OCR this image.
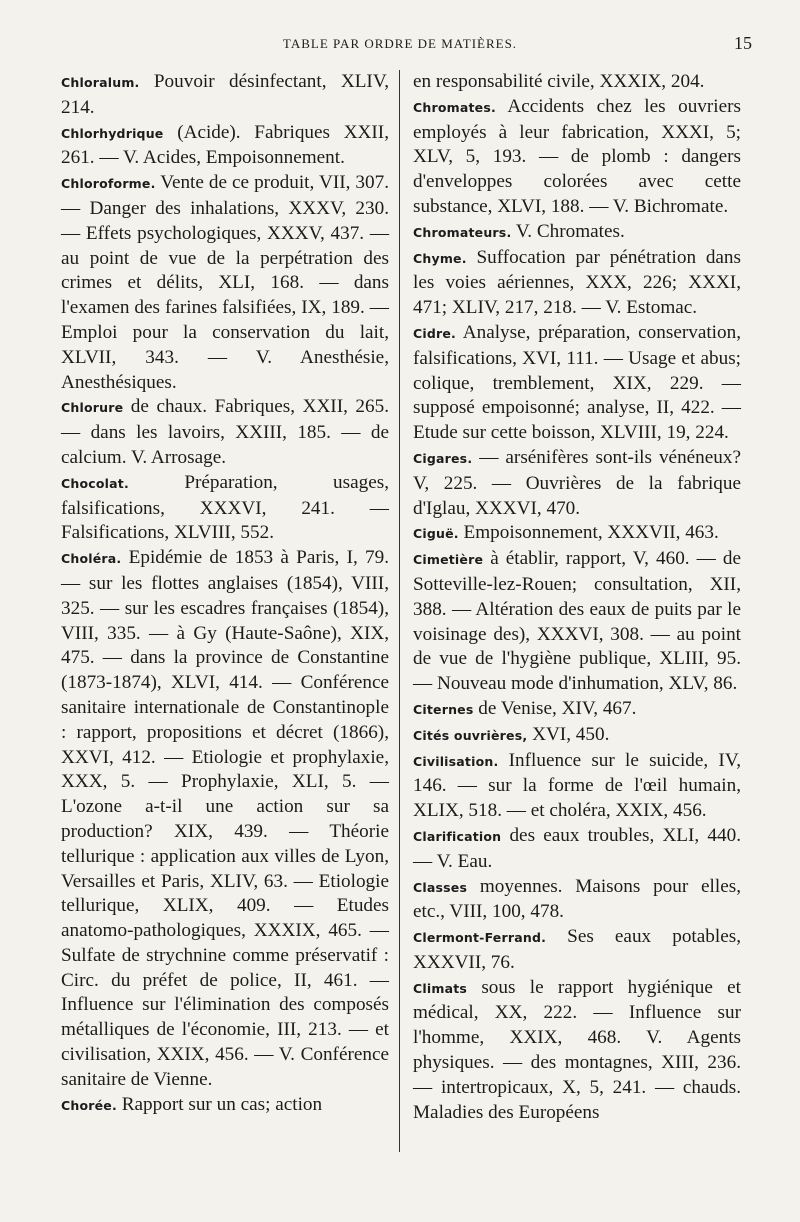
TABLE PAR ORDRE DE MATIÈRES.	15

Chloralum. Pouvoir désinfectant, XLIV, 214.

Chlorhydrique (Acide). Fabriques XXII, 261. — V. Acides, Empoisonnement.

Chloroforme. Vente de ce produit, VII, 307. — Danger des inhalations, XXXV, 230. — Effets psychologiques, XXXV, 437. — au point de vue de la perpétration des crimes et délits, XLI, 168. — dans l'examen des farines falsifiées, IX, 189. — Emploi pour la conservation du lait, XLVII, 343. — V. Anesthésie, Anesthésiques.

Chlorure de chaux. Fabriques, XXII, 265. — dans les lavoirs, XXIII, 185. — de calcium. V. Arrosage.

Chocolat. Préparation, usages, falsifications, XXXVI, 241. — Falsifications, XLVIII, 552.

Choléra. Epidémie de 1853 à Paris, I, 79. — sur les flottes anglaises (1854), VIII, 325. — sur les escadres françaises (1854), VIII, 335. — à Gy (Haute-Saône), XIX, 475. — dans la province de Constantine (1873-1874), XLVI, 414. — Conférence sanitaire internationale de Constantinople : rapport, propositions et décret (1866), XXVI, 412. — Etiologie et prophylaxie, XXX, 5. — Prophylaxie, XLI, 5. — L'ozone a-t-il une action sur sa production? XIX, 439. — Théorie tellurique : application aux villes de Lyon, Versailles et Paris, XLIV, 63. — Etiologie tellurique, XLIX, 409. — Etudes anatomo-pathologiques, XXXIX, 465. — Sulfate de strychnine comme préservatif : Circ. du préfet de police, II, 461. — Influence sur l'élimination des composés métalliques de l'économie, III, 213. — et civilisation, XXIX, 456. — V. Conférence sanitaire de Vienne.

Chorée. Rapport sur un cas; action

en responsabilité civile, XXXIX, 204.

Chromates. Accidents chez les ouvriers employés à leur fabrication, XXXI, 5; XLV, 5, 193. — de plomb : dangers d'enveloppes colorées avec cette substance, XLVI, 188. — V. Bichromate.

Chromateurs. V. Chromates.

Chyme. Suffocation par pénétration dans les voies aériennes, XXX, 226; XXXI, 471; XLIV, 217, 218. — V. Estomac.

Cidre. Analyse, préparation, conservation, falsifications, XVI, 111. — Usage et abus; colique, tremblement, XIX, 229. — supposé empoisonné; analyse, II, 422. — Etude sur cette boisson, XLVIII, 19, 224.

Cigares. — arsénifères sont-ils vénéneux? V, 225. — Ouvrières de la fabrique d'Iglau, XXXVI, 470.

Ciguë. Empoisonnement, XXXVII, 463.

Cimetière à établir, rapport, V, 460. — de Sotteville-lez-Rouen; consultation, XII, 388. — Altération des eaux de puits par le voisinage des), XXXVI, 308. — au point de vue de l'hygiène publique, XLIII, 95. — Nouveau mode d'inhumation, XLV, 86.

Citernes de Venise, XIV, 467.

Cités ouvrières, XVI, 450.

Civilisation. Influence sur le suicide, IV, 146. — sur la forme de l'œil humain, XLIX, 518. — et choléra, XXIX, 456.

Clarification des eaux troubles, XLI, 440. — V. Eau.

Classes moyennes. Maisons pour elles, etc., VIII, 100, 478.

Clermont-Ferrand. Ses eaux potables, XXXVII, 76.

Climats sous le rapport hygiénique et médical, XX, 222. — Influence sur l'homme, XXIX, 468. V. Agents physiques. — des montagnes, XIII, 236. — intertropicaux, X, 5, 241. — chauds. Maladies des Européens
